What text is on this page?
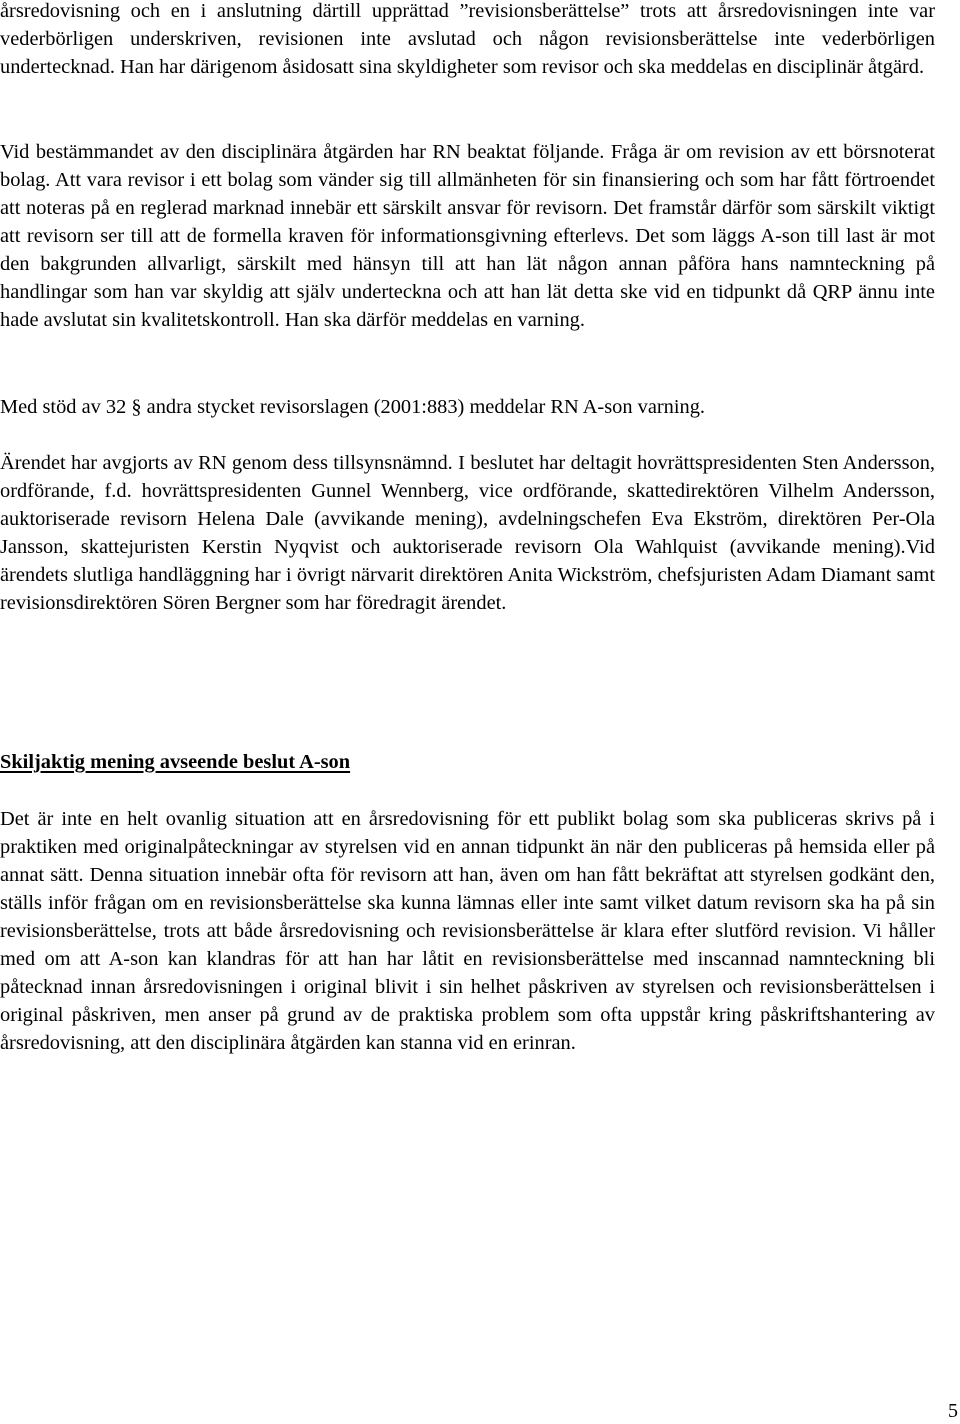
årsredovisning och en i anslutning därtill upprättad ”revisionsberättelse” trots att årsredovisningen inte var vederbörligen underskriven, revisionen inte avslutad och någon revisionsberättelse inte vederbörligen undertecknad. Han har därigenom åsidosatt sina skyldigheter som revisor och ska meddelas en disciplinär åtgärd.

Vid bestämmandet av den disciplinära åtgärden har RN beaktat följande. Fråga är om revision av ett börsnoterat bolag. Att vara revisor i ett bolag som vänder sig till allmänheten för sin finansiering och som har fått förtroendet att noteras på en reglerad marknad innebär ett särskilt ansvar för revisorn. Det framstår därför som särskilt viktigt att revisorn ser till att de formella kraven för informationsgivning efterlevs. Det som läggs A-son till last är mot den bakgrunden allvarligt, särskilt med hänsyn till att han lät någon annan påföra hans namnteckning på handlingar som han var skyldig att själv underteckna och att han lät detta ske vid en tidpunkt då QRP ännu inte hade avslutat sin kvalitetskontroll. Han ska därför meddelas en varning.

Med stöd av 32 § andra stycket revisorslagen (2001:883) meddelar RN A-son varning.

Ärendet har avgjorts av RN genom dess tillsynsnämnd. I beslutet har deltagit hovrättspresidenten Sten Andersson, ordförande, f.d. hovrättspresidenten Gunnel Wennberg, vice ordförande, skattedirektören Vilhelm Andersson, auktoriserade revisorn Helena Dale (avvikande mening), avdelningschefen Eva Ekström, direktören Per-Ola Jansson, skattejuristen Kerstin Nyqvist och auktoriserade revisorn Ola Wahlquist (avvikande mening).Vid ärendets slutliga handläggning har i övrigt närvarit direktören Anita Wickström, chefsjuristen Adam Diamant samt revisionsdirektören Sören Bergner som har föredragit ärendet.

Skiljaktig mening avseende beslut A-son

Det är inte en helt ovanlig situation att en årsredovisning för ett publikt bolag som ska publiceras skrivs på i praktiken med originalpåteckningar av styrelsen vid en annan tidpunkt än när den publiceras på hemsida eller på annat sätt. Denna situation innebär ofta för revisorn att han, även om han fått bekräftat att styrelsen godkänt den, ställs inför frågan om en revisionsberättelse ska kunna lämnas eller inte samt vilket datum revisorn ska ha på sin revisionsberättelse, trots att både årsredovisning och revisionsberättelse är klara efter slutförd revision. Vi håller med om att A-son kan klandras för att han har låtit en revisionsberättelse med inscannad namnteckning bli påtecknad innan årsredovisningen i original blivit i sin helhet påskriven av styrelsen och revisionsberättelsen i original påskriven, men anser på grund av de praktiska problem som ofta uppstår kring påskriftshantering av årsredovisning, att den disciplinära åtgärden kan stanna vid en erinran.

5
